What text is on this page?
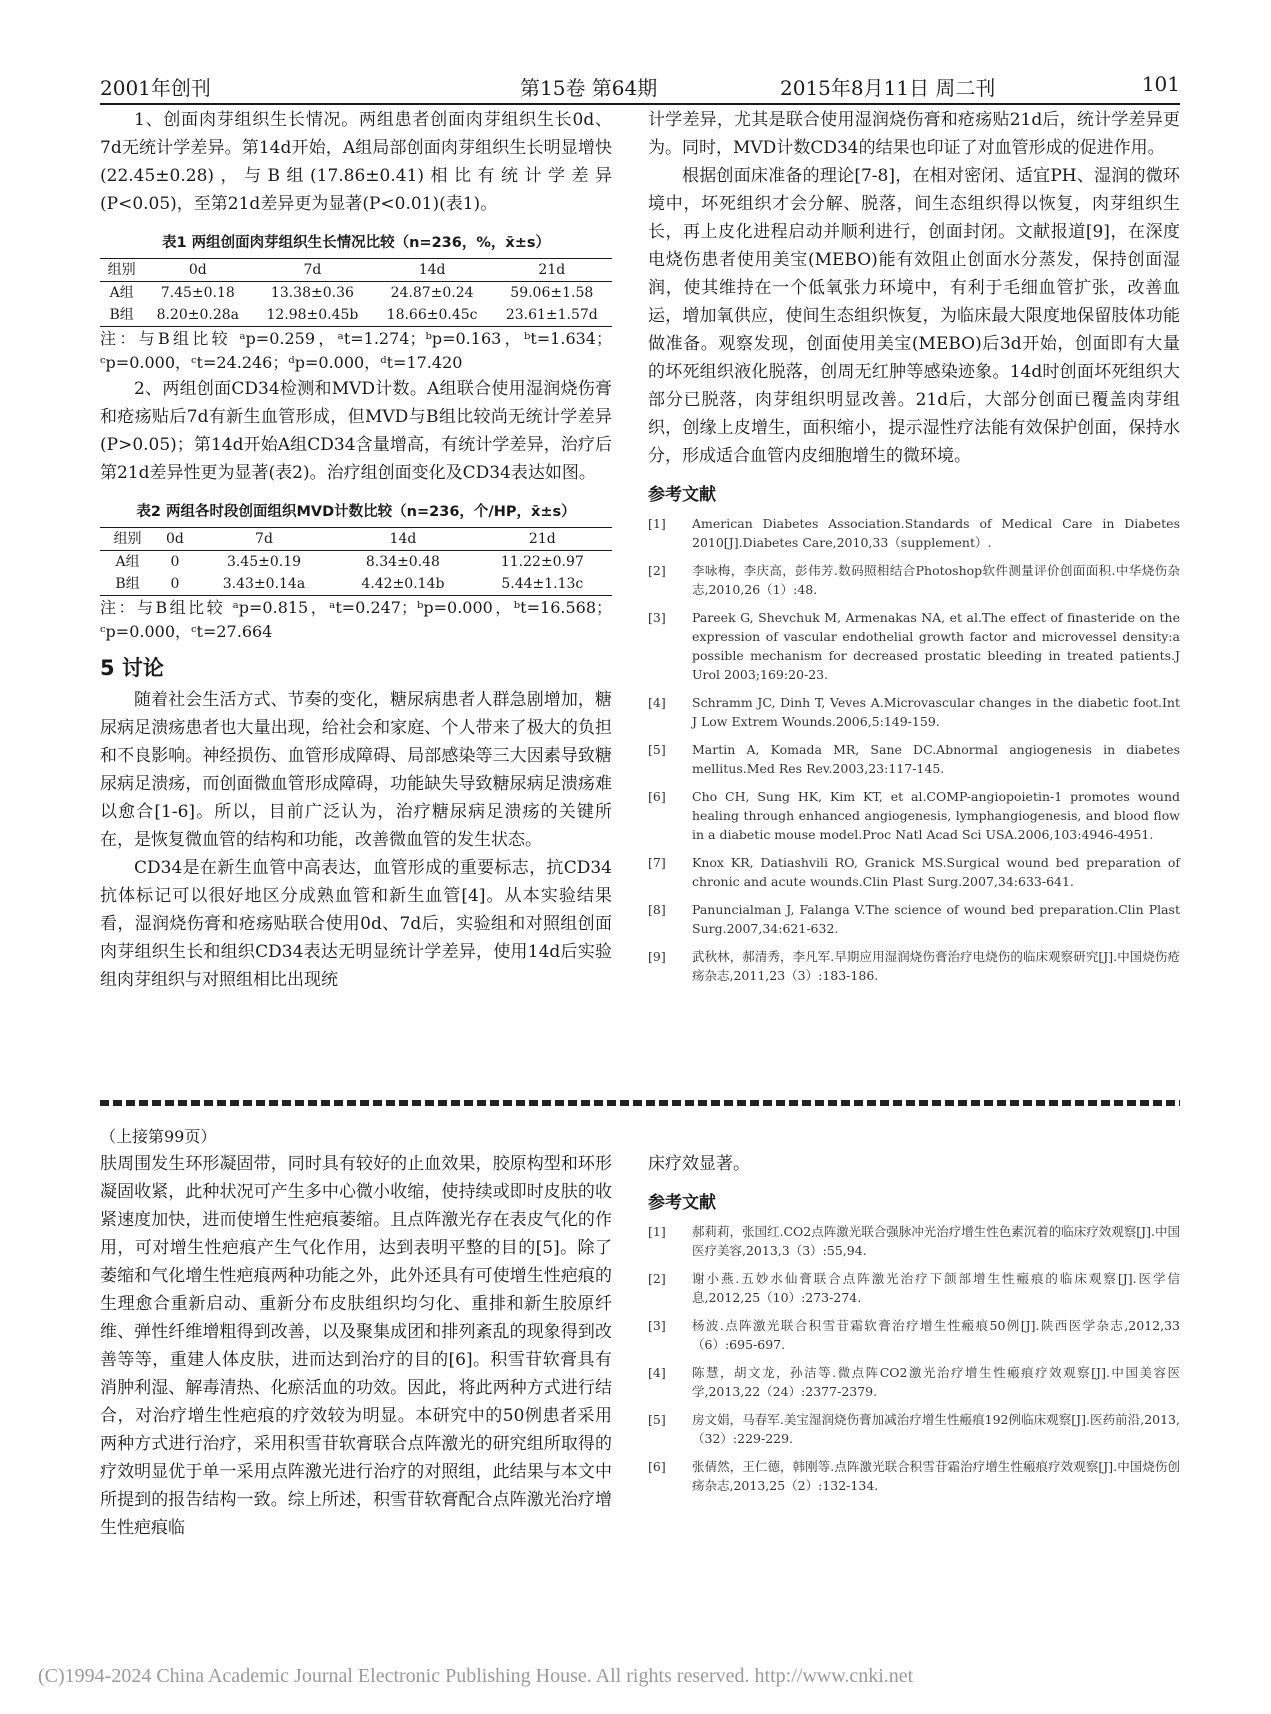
2001年创刊	第15卷 第64期	2015年8月11日 周二刊	101

1、创面肉芽组织生长情况。两组患者创面肉芽组织生长0d、7d无统计学差异。第14d开始，A组局部创面肉芽组织生长明显增快(22.45±0.28)，与B组(17.86±0.41)相比有统计学差异(P<0.05)，至第21d差异更为显著(P<0.01)(表1)。

表1 两组创面肉芽组织生长情况比较（n=236，%，x̄±s）
组别	0d	7d	14d	21d
A组	7.45±0.18	13.38±0.36	24.87±0.24	59.06±1.58
B组	8.20±0.28a	12.98±0.45b	18.66±0.45c	23.61±1.57d
注：与B组比较 ᵃp=0.259，ᵃt=1.274；ᵇp=0.163，ᵇt=1.634；ᶜp=0.000，ᶜt=24.246；ᵈp=0.000，ᵈt=17.420

2、两组创面CD34检测和MVD计数。A组联合使用湿润烧伤膏和疮疡贴后7d有新生血管形成，但MVD与B组比较尚无统计学差异(P>0.05)；第14d开始A组CD34含量增高，有统计学差异，治疗后第21d差异性更为显著(表2)。治疗组创面变化及CD34表达如图。

表2 两组各时段创面组织MVD计数比较（n=236，个/HP，x̄±s）
组别	0d	7d	14d	21d
A组	0	3.45±0.19	8.34±0.48	11.22±0.97
B组	0	3.43±0.14a	4.42±0.14b	5.44±1.13c
注：与B组比较 ᵃp=0.815，ᵃt=0.247；ᵇp=0.000，ᵇt=16.568；ᶜp=0.000，ᶜt=27.664
5 讨论

随着社会生活方式、节奏的变化，糖尿病患者人群急剧增加，糖尿病足溃疡患者也大量出现，给社会和家庭、个人带来了极大的负担和不良影响。神经损伤、血管形成障碍、局部感染等三大因素导致糖尿病足溃疡，而创面微血管形成障碍，功能缺失导致糖尿病足溃疡难以愈合[1-6]。所以，目前广泛认为，治疗糖尿病足溃疡的关键所在，是恢复微血管的结构和功能，改善微血管的发生状态。

CD34是在新生血管中高表达，血管形成的重要标志，抗CD34抗体标记可以很好地区分成熟血管和新生血管[4]。从本实验结果看，湿润烧伤膏和疮疡贴联合使用0d、7d后，实验组和对照组创面肉芽组织生长和组织CD34表达无明显统计学差异，使用14d后实验组肉芽组织与对照组相比出现统

计学差异，尤其是联合使用湿润烧伤膏和疮疡贴21d后，统计学差异更为。同时，MVD计数CD34的结果也印证了对血管形成的促进作用。

根据创面床准备的理论[7-8]，在相对密闭、适宜PH、湿润的微环境中，坏死组织才会分解、脱落，间生态组织得以恢复，肉芽组织生长，再上皮化进程启动并顺利进行，创面封闭。文献报道[9]，在深度电烧伤患者使用美宝(MEBO)能有效阻止创面水分蒸发，保持创面湿润，使其维持在一个低氧张力环境中，有利于毛细血管扩张，改善血运，增加氧供应，使间生态组织恢复，为临床最大限度地保留肢体功能做准备。观察发现，创面使用美宝(MEBO)后3d开始，创面即有大量的坏死组织液化脱落，创周无红肿等感染迹象。14d时创面坏死组织大部分已脱落，肉芽组织明显改善。21d后，大部分创面已覆盖肉芽组织，创缘上皮增生，面积缩小，提示湿性疗法能有效保护创面，保持水分，形成适合血管内皮细胞增生的微环境。

参考文献
[1] American Diabetes Association.Standards of Medical Care in Diabetes 2010[J].Diabetes Care,2010,33（supplement）.
[2] 李咏梅，李庆高，彭伟芳.数码照相结合Photoshop软件测量评价创面面积.中华烧伤杂志,2010,26（1）:48.
[3] Pareek G, Shevchuk M, Armenakas NA, et al.The effect of finasteride on the expression of vascular endothelial growth factor and microvessel density:a possible mechanism for decreased prostatic bleeding in treated patients.J Urol 2003;169:20-23.
[4] Schramm JC, Dinh T, Veves A.Microvascular changes in the diabetic foot.Int J Low Extrem Wounds.2006,5:149-159.
[5] Martin A, Komada MR, Sane DC.Abnormal angiogenesis in diabetes mellitus.Med Res Rev.2003,23:117-145.
[6] Cho CH, Sung HK, Kim KT, et al.COMP-angiopoietin-1 promotes wound healing through enhanced angiogenesis, lymphangiogenesis, and blood flow in a diabetic mouse model.Proc Natl Acad Sci USA.2006,103:4946-4951.
[7] Knox KR, Datiashvili RO, Granick MS.Surgical wound bed preparation of chronic and acute wounds.Clin Plast Surg.2007,34:633-641.
[8] Panuncialman J, Falanga V.The science of wound bed preparation.Clin Plast Surg.2007,34:621-632.
[9] 武秋林，郝清秀，李凡军.早期应用湿润烧伤膏治疗电烧伤的临床观察研究[J].中国烧伤疮疡杂志,2011,23（3）:183-186.
（上接第99页）

肤周围发生环形凝固带，同时具有较好的止血效果，胶原构型和环形凝固收紧，此种状况可产生多中心微小收缩，使持续或即时皮肤的收紧速度加快，进而使增生性疤痕萎缩。且点阵激光存在表皮气化的作用，可对增生性疤痕产生气化作用，达到表明平整的目的[5]。除了萎缩和气化增生性疤痕两种功能之外，此外还具有可使增生性疤痕的生理愈合重新启动、重新分布皮肤组织均匀化、重排和新生胶原纤维、弹性纤维增粗得到改善，以及聚集成团和排列紊乱的现象得到改善等等，重建人体皮肤，进而达到治疗的目的[6]。积雪苷软膏具有消肿利湿、解毒清热、化瘀活血的功效。因此，将此两种方式进行结合，对治疗增生性疤痕的疗效较为明显。本研究中的50例患者采用两种方式进行治疗，采用积雪苷软膏联合点阵激光的研究组所取得的疗效明显优于单一采用点阵激光进行治疗的对照组，此结果与本文中所提到的报告结构一致。综上所述，积雪苷软膏配合点阵激光治疗增生性疤痕临

床疗效显著。

参考文献
[1] 郝莉莉，张国红.CO2点阵激光联合强脉冲光治疗增生性色素沉着的临床疗效观察[J].中国医疗美容,2013,3（3）:55,94.
[2] 谢小燕.五妙水仙膏联合点阵激光治疗下颌部增生性瘢痕的临床观察[J].医学信息,2012,25（10）:273-274.
[3] 杨波.点阵激光联合积雪苷霜软膏治疗增生性瘢痕50例[J].陕西医学杂志,2012,33（6）:695-697.
[4] 陈慧，胡文龙，孙洁等.微点阵CO2激光治疗增生性瘢痕疗效观察[J].中国美容医学,2013,22（24）:2377-2379.
[5] 房文娟，马春军.美宝湿润烧伤膏加减治疗增生性瘢痕192例临床观察[J].医药前沿,2013,（32）:229-229.
[6] 张倩然，王仁德，韩刚等.点阵激光联合积雪苷霜治疗增生性瘢痕疗效观察[J].中国烧伤创疡杂志,2013,25（2）:132-134.
(C)1994-2024 China Academic Journal Electronic Publishing House. All rights reserved. http://www.cnki.net
